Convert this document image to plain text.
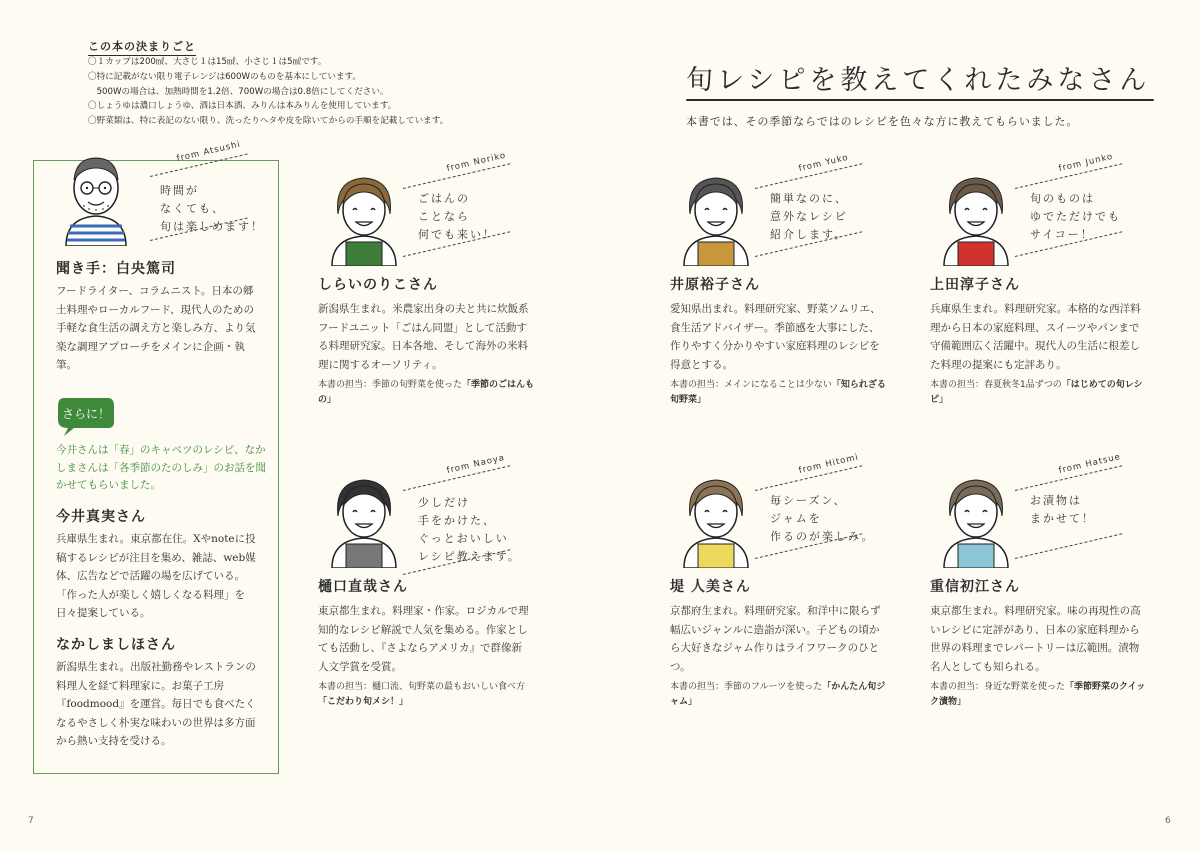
この本の決まりごと
〇１カップは200㎖、大さじ１は15㎖、小さじ１は5㎖です。
〇特に記載がない限り電子レンジは600Wのものを基本にしています。
　500Wの場合は、加熱時間を1.2倍、700Wの場合は0.8倍にしてください。
〇しょうゆは濃口しょうゆ、酒は日本酒、みりんは本みりんを使用しています。
〇野菜類は、特に表記のない限り、洗ったりヘタや皮を除いてからの手順を記載しています。
旬レシピを教えてくれたみなさん
本書では、その季節ならではのレシピを色々な方に教えてもらいました。
from Atsushi
時間が
なくても、
旬は楽しめます！
聞き手：白央篤司
フードライター、コラムニスト。日本の郷土料理やローカルフード、現代人のための手軽な食生活の調え方と楽しみ方、より気楽な調理アプローチをメインに企画・執筆。
さらに！
今井さんは「春」のキャベツのレシピ、なかしまさんは「各季節のたのしみ」のお話を聞かせてもらいました。
今井真実さん
兵庫県生まれ。東京都在住。Xやnoteに投稿するレシピが注目を集め、雑誌、web媒体、広告などで活躍の場を広げている。「作った人が楽しく嬉しくなる料理」を日々提案している。
なかしましほさん
新潟県生まれ。出版社勤務やレストランの料理人を経て料理家に。お菓子工房『foodmood』を運営。毎日でも食べたくなるやさしく朴実な味わいの世界は多方面から熱い支持を受ける。
from Noriko
ごはんの
ことなら
何でも来い！
しらいのりこさん
新潟県生まれ。米農家出身の夫と共に炊飯系フードユニット「ごはん同盟」として活動する料理研究家。日本各地、そして海外の米料理に関するオーソリティ。
本書の担当：季節の旬野菜を使った「季節のごはんもの」
from Yuko
簡単なのに、
意外なレシピ
紹介します。
井原裕子さん
愛知県出まれ。料理研究家、野菜ソムリエ、食生活アドバイザー。季節感を大事にした、作りやすく分かりやすい家庭料理のレシピを得意とする。
本書の担当：メインになることは少ない「知られざる旬野菜」
from Junko
旬のものは
ゆでただけでも
サイコー！
上田淳子さん
兵庫県生まれ。料理研究家。本格的な西洋料理から日本の家庭料理、スイーツやパンまで守備範囲広く活躍中。現代人の生活に根差した料理の提案にも定評あり。
本書の担当：春夏秋冬1品ずつの「はじめての旬レシピ」
from Naoya
少しだけ
手をかけた、
ぐっとおいしい
レシピ教えます。
樋口直哉さん
東京都生まれ。料理家・作家。ロジカルで理知的なレシピ解説で人気を集める。作家としても活動し、『さよならアメリカ』で群像新人文学賞を受賞。
本書の担当：樋口流、旬野菜の最もおいしい食べ方「こだわり旬メシ！」
from Hitomi
毎シーズン、
ジャムを
作るのが楽しみ。
堤 人美さん
京都府生まれ。料理研究家。和洋中に限らず幅広いジャンルに造詣が深い。子どもの頃から大好きなジャム作りはライフワークのひとつ。
本書の担当：季節のフルーツを使った「かんたん旬ジャム」
from Hatsue
お漬物は
まかせて！
重信初江さん
東京都生まれ。料理研究家。味の再現性の高いレシピに定評があり、日本の家庭料理から世界の料理までレパートリーは広範囲。漬物名人としても知られる。
本書の担当：身近な野菜を使った「季節野菜のクイック漬物」
7	6
